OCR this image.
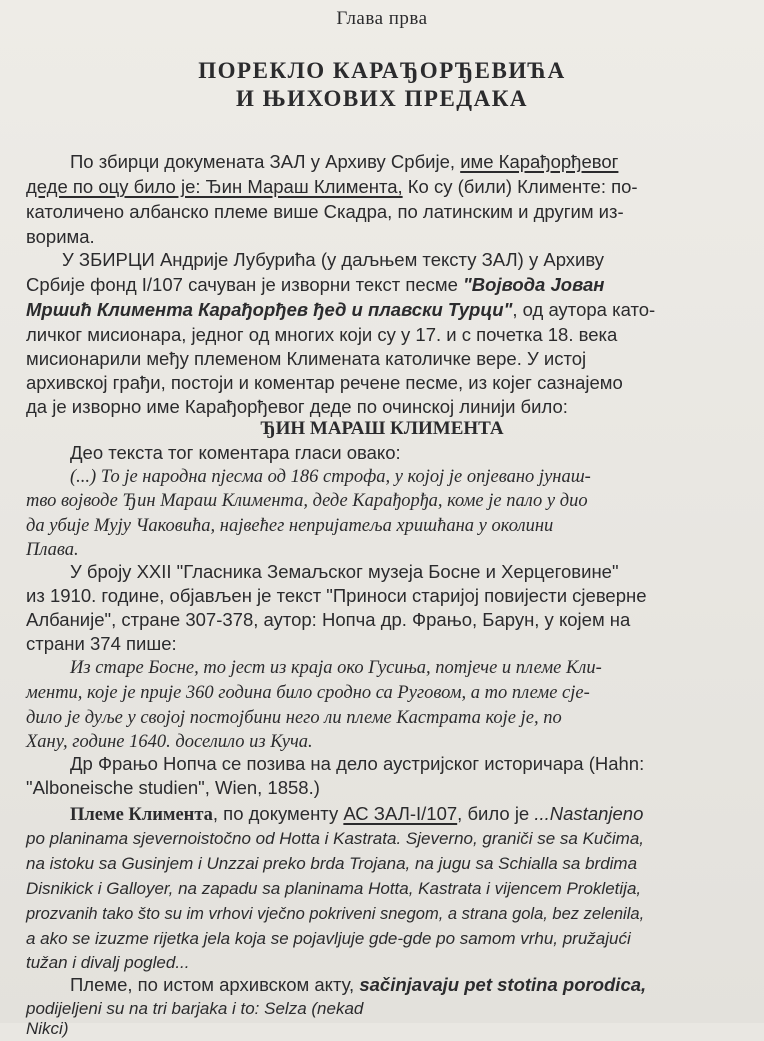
Глава прва
ПОРЕКЛО КАРАЂОРЂЕВИЋА
И ЊИХОВИХ ПРЕДАКА
По збирци докумената ЗАЛ у Архиву Србије, име Карађорђевог
деде по оцу било је: Ђин Мараш Климента, Ко су (били) Клименте: по-
католичено албанско племе више Скадра, по латинским и другим из-
ворима.
У ЗБИРЦИ Андрије Лубурића (у даљњем тексту ЗАЛ) у Архиву
Србије фонд I/107 сачуван је изворни текст песме "Војвода Јован
Мршић Климента Карађорђев ђед и плавски Турци", од аутора като-
личког мисионара, једног од многих који су у 17. и с почетка 18. века
мисионарили међу племеном Климената католичке вере. У истој
архивској грађи, постоји и коментар речене песме, из којег сазнајемо
да је изворно име Карађорђевог деде по очинској линији било:
ЂИН МАРАШ КЛИМЕНТА
Део текста тог коментара гласи овако:
(...) То је народна пјесма од 186 строфа, у којој је опјевано јунаш-
тво војводе Ђин Мараш Климента, деде Карађорђа, коме је пало у дио
да убије Мују Чаковића, највећег непријатеља хришћана у околини
Плава.
У броју XXII "Гласника Земаљског музеја Босне и Херцеговине"
из 1910. године, објављен је текст "Приноси старијој повијести сјеверне
Албаније", стране 307-378, аутор: Нопча др. Фрањо, Барун, у којем на
страни 374 пише:
Из старе Босне, то јест из краја око Гусиња, потјече и племе Кли-
менти, које је прије 360 година било сродно са Руговом, а то племе сје-
дило је дуље у својој постојбини него ли племе Кастрата које је, по
Хану, године 1640. доселило из Куча.
Др Фрањо Нопча се позива на дело аустријског историчара (Hahn:
"Alboneische studien", Wien, 1858.)
Племе Климента, по документу АС ЗАЛ-I/107, било је ...Nastanjeno
po planinama sjevernoistočno od Hotta i Kastrata. Sjeverno, graniči se sa Kučima,
na istoku sa Gusinjem i Unzzai preko brda Trojana, na jugu sa Schialla sa brdima
Disnikick i Galloyer, na zapadu sa planinama Hotta, Kastrata i vijencem Prokletija,
prozvanih tako što su im vrhovi vječno pokriveni snegom, a strana gola, bez zelenila,
a ako se izuzme rijetka jela koja se pojavljuje gde-gde po samom vrhu, pružajući
tužan i divalj pogled...
Племе, по истом архивском акту, sačinjavaju pet stotina porodica,
podijeljeni su na tri barjaka i to: Selza (nekad
Nikci)
